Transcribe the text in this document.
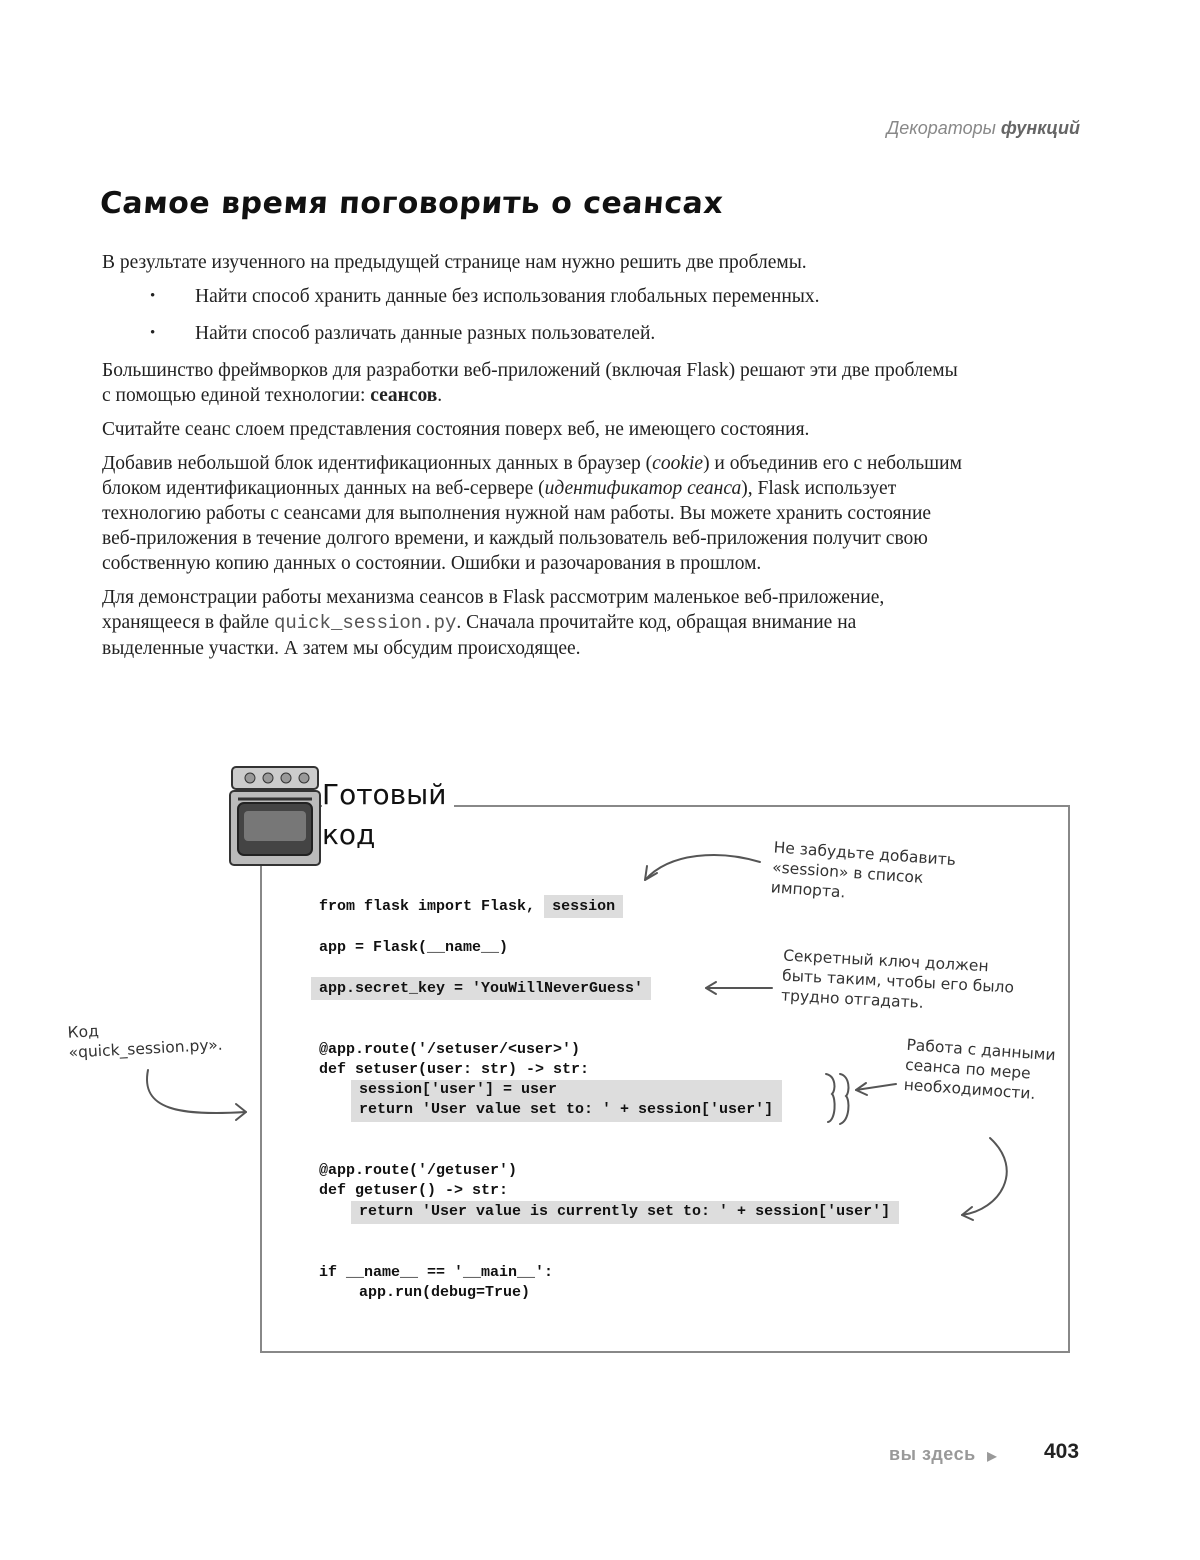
Декораторы функций
Самое время поговорить о сеансах

В результате изученного на предыдущей странице нам нужно решить две проблемы.

• Найти способ хранить данные без использования глобальных переменных.
• Найти способ различать данные разных пользователей.

Большинство фреймворков для разработки веб-приложений (включая Flask) решают эти две проблемы с помощью единой технологии: сеансов.

Считайте сеанс слоем представления состояния поверх веб, не имеющего состояния.

Добавив небольшой блок идентификационных данных в браузер (cookie) и объединив его с небольшим блоком идентификационных данных на веб-сервере (идентификатор сеанса), Flask использует технологию работы с сеансами для выполнения нужной нам работы. Вы можете хранить состояние веб-приложения в течение долгого времени, и каждый пользователь веб-приложения получит свою собственную копию данных о состоянии. Ошибки и разочарования в прошлом.

Для демонстрации работы механизма сеансов в Flask рассмотрим маленькое веб-приложение, хранящееся в файле quick_session.py. Сначала прочитайте код, обращая внимание на выделенные участки. А затем мы обсудим происходящее.

Готовый
код
from flask import Flask, session
app = Flask(__name__)
app.secret_key = 'YouWillNeverGuess'
@app.route('/setuser/<user>')
def setuser(user: str) -> str:
session['user'] = user
return 'User value set to: ' + session['user']
@app.route('/getuser')
def getuser() -> str:
return 'User value is currently set to: ' + session['user']
if __name__ == '__main__':
app.run(debug=True)
Не забудьте добавить «session» в список импорта.
Секретный ключ должен быть таким, чтобы его было трудно отгадать.
Работа с данными сеанса по мере необходимости.
Код «quick_session.py».
вы здесь ▶ 403
